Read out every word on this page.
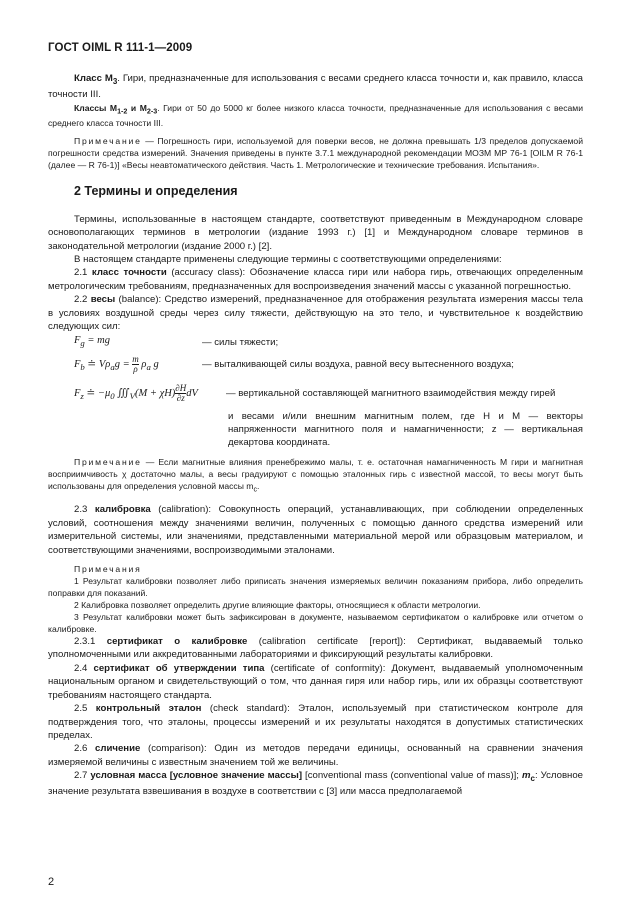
ГОСТ OIML R 111-1—2009

Класс $M_3$. Гири, предназначенные для использования с весами среднего класса точности и, как правило, класса точности III.

Классы $M_{1-2}$ и $M_{2-3}$. Гири от 50 до 5000 кг более низкого класса точности, предназначенные для использования с весами среднего класса точности III.

Примечание — Погрешность гири, используемой для поверки весов, не должна превышать 1/3 пределов допускаемой погрешности средства измерений. Значения приведены в пункте 3.7.1 международной рекомендации МОЗМ МР 76-1 [OILM R 76-1 (далее — R 76-1)] «Весы неавтоматического действия. Часть 1. Метрологические и технические требования. Испытания».

2 Термины и определения

Термины, использованные в настоящем стандарте, соответствуют приведенным в Международном словаре основополагающих терминов в метрологии (издание 1993 г.) [1] и Международном словаре терминов в законодательной метрологии (издание 2000 г.) [2].

В настоящем стандарте применены следующие термины с соответствующими определениями:

2.1 класс точности (accuracy class): Обозначение класса гири или набора гирь, отвечающих определенным метрологическим требованиям, предназначенных для воспроизведения значений массы с указанной погрешностью.

2.2 весы (balance): Средство измерений, предназначенное для отображения результата измерения массы тела в условиях воздушной среды через силу тяжести, действующую на это тело, и чувствительное к воздействию следующих сил:

$F_g$ = mg	— силы тяжести;
$F_b$ ≐ $V\rho_ag = \frac{m}{\rho} \rho_a$ g	— выталкивающей силы воздуха, равной весу вытесненного воздуха;
$F_z$ ≐ $-\mu_0$ $∭_V(M + \chi H) \frac{\partial H}{\partial z}$ dV	— вертикальной составляющей магнитного взаимодействия между гирей

и весами и/или внешним магнитным полем, где H и M — векторы напряженности магнитного поля и намагниченности; z — вертикальная декартова координата.

Примечание — Если магнитные влияния пренебрежимо малы, т. е. остаточная намагниченность M гири и магнитная восприимчивость χ достаточно малы, а весы градуируют с помощью эталонных гирь с известной массой, то весы могут быть использованы для определения условной массы $m_c$.

2.3 калибровка (calibration): Совокупность операций, устанавливающих, при соблюдении определенных условий, соотношения между значениями величин, полученных с помощью данного средства измерений или измерительной системы, или значениями, представленными материальной мерой или образцовым материалом, и соответствующими значениями, воспроизводимыми эталонами.

Примечания

1 Результат калибровки позволяет либо приписать значения измеряемых величин показаниям прибора, либо определить поправки для показаний.

2 Калибровка позволяет определить другие влияющие факторы, относящиеся к области метрологии.

3 Результат калибровки может быть зафиксирован в документе, называемом сертификатом о калибровке или отчетом о калибровке.

2.3.1 сертификат о калибровке (calibration certificate [report]): Сертификат, выдаваемый только уполномоченными или аккредитованными лабораториями и фиксирующий результаты калибровки.

2.4 сертификат об утверждении типа (certificate of conformity): Документ, выдаваемый уполномоченным национальным органом и свидетельствующий о том, что данная гиря или набор гирь, или их образцы соответствуют требованиям настоящего стандарта.

2.5 контрольный эталон (check standard): Эталон, используемый при статистическом контроле для подтверждения того, что эталоны, процессы измерений и их результаты находятся в допустимых статистических пределах.

2.6 сличение (comparison): Один из методов передачи единицы, основанный на сравнении значения измеряемой величины с известным значением той же величины.

2.7 условная масса [условное значение массы] [conventional mass (conventional value of mass)]; $m_c$: Условное значение результата взвешивания в воздухе в соответствии с [3] или масса предполагаемой

2
